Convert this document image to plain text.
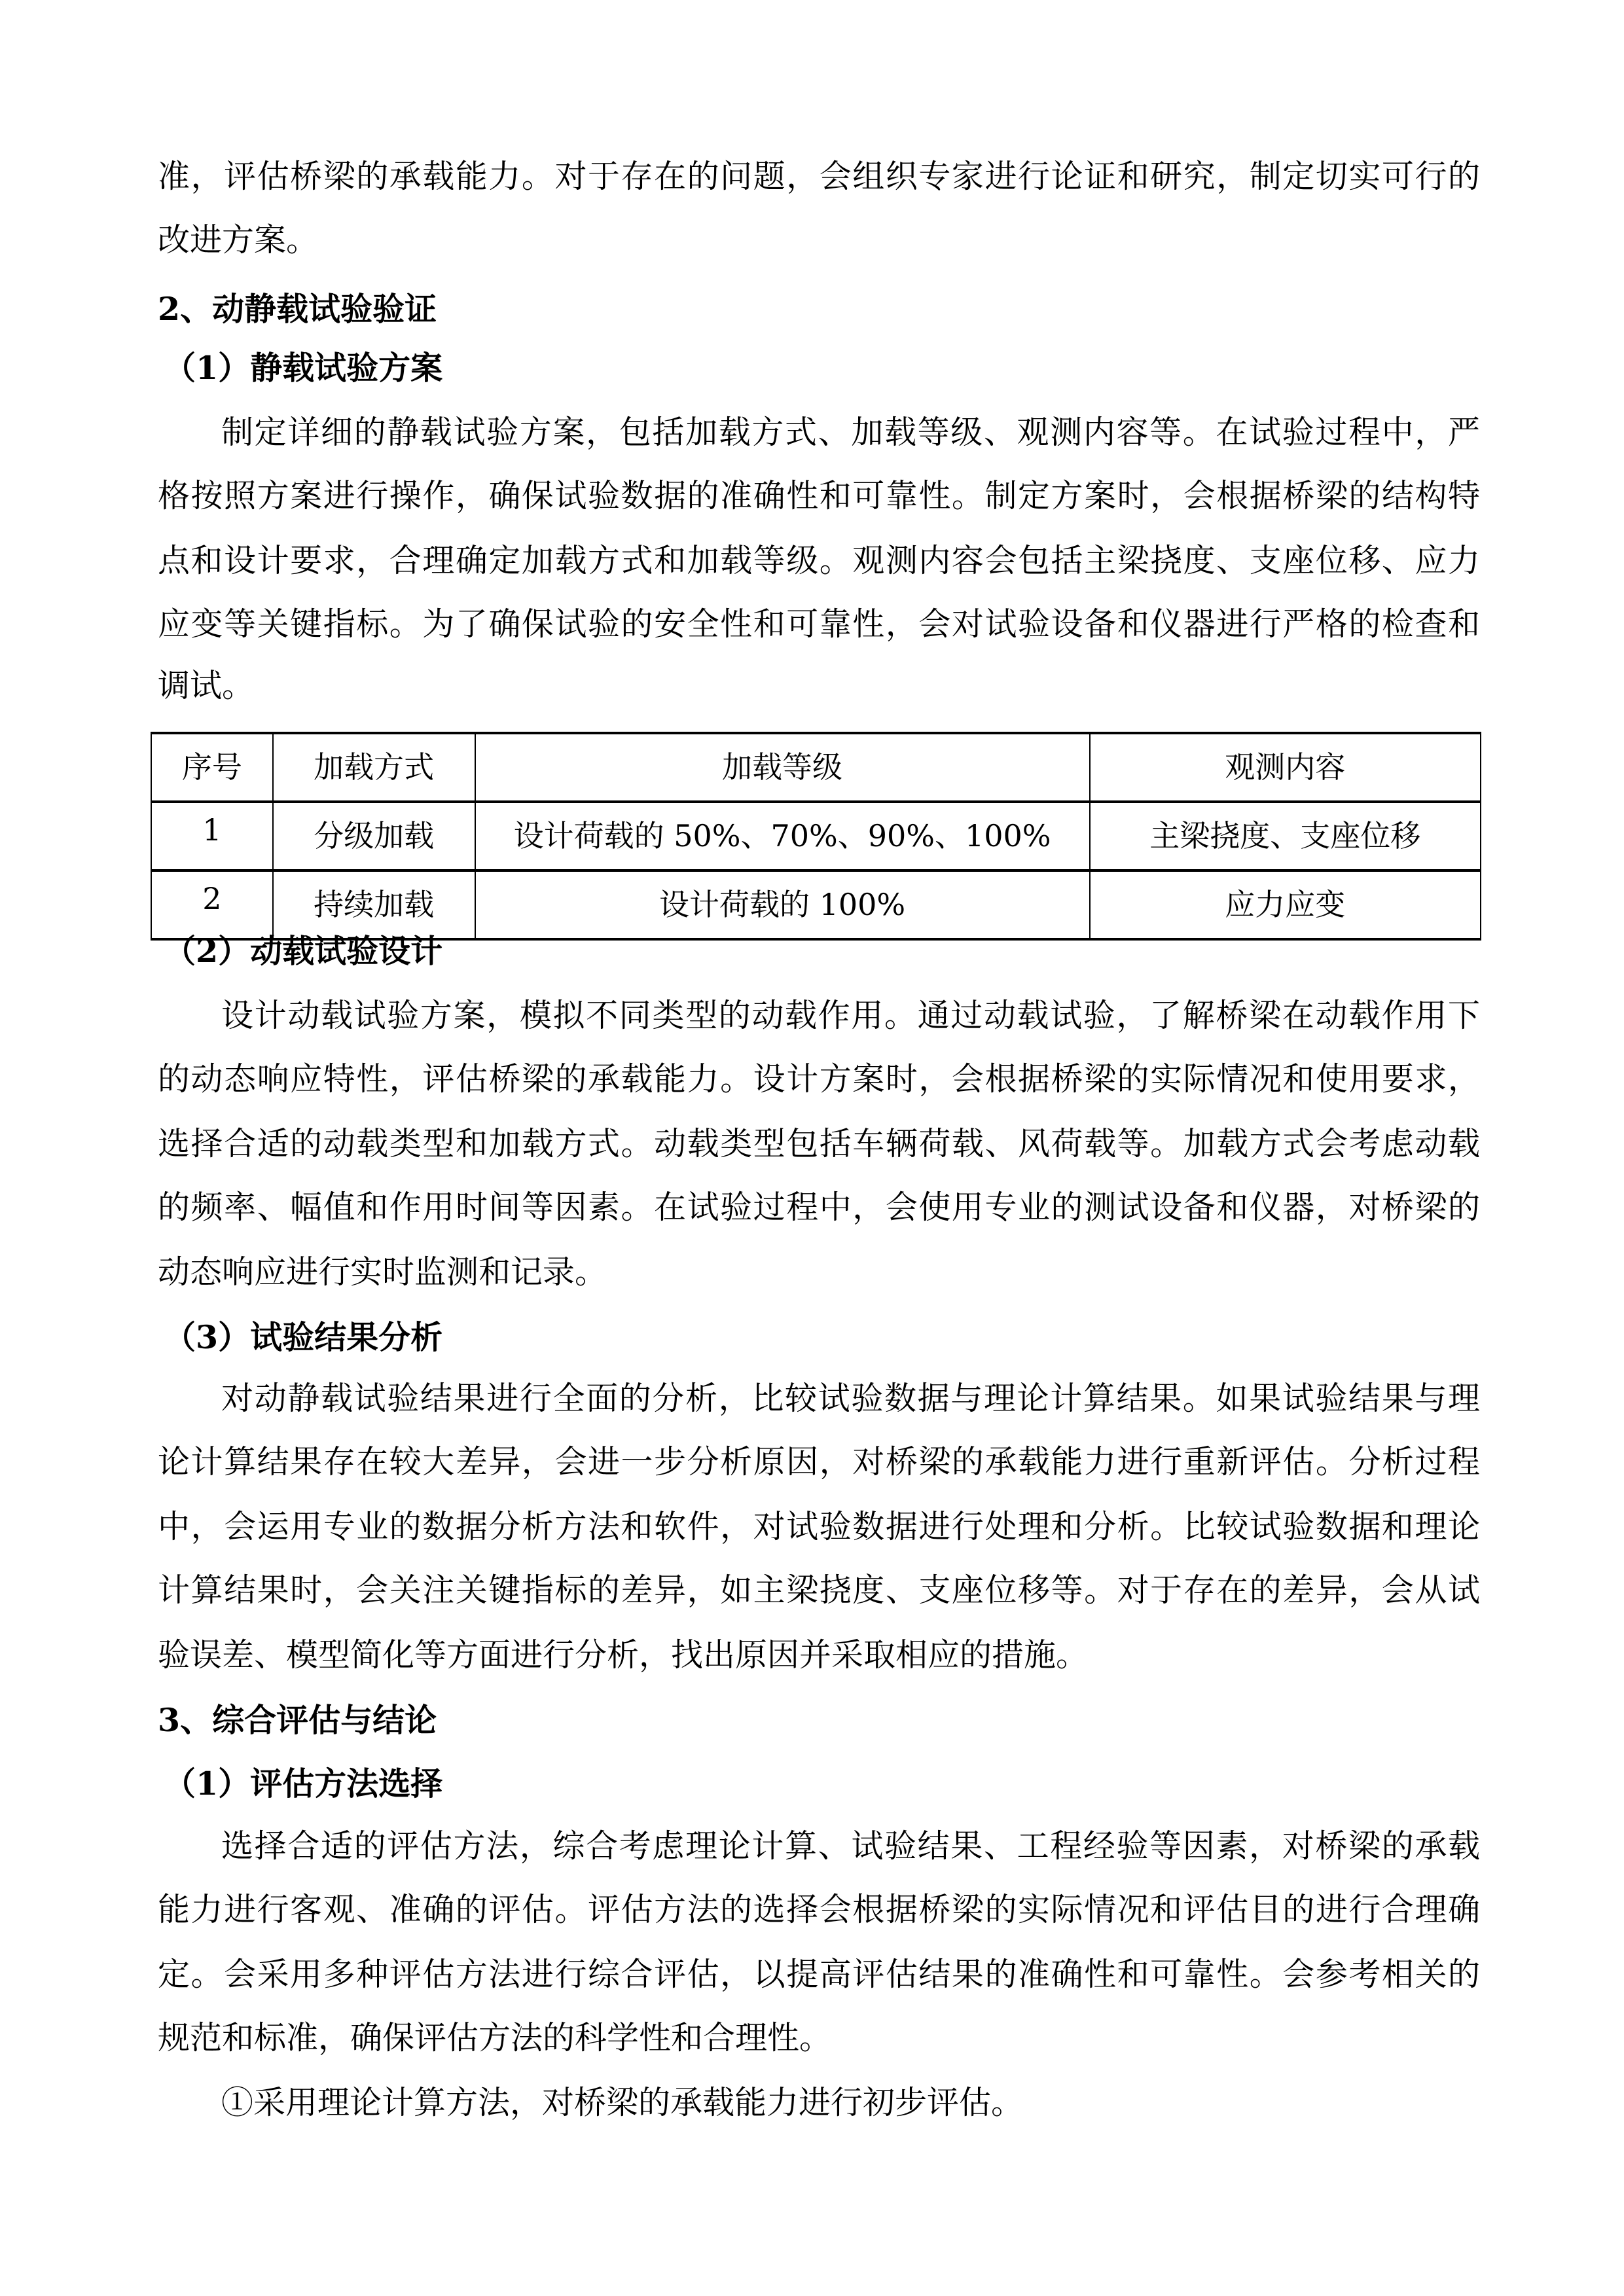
准，评估桥梁的承载能力。对于存在的问题，会组织专家进行论证和研究，制定切实可行的
改进方案。
2、动静载试验验证
（1）静载试验方案
制定详细的静载试验方案，包括加载方式、加载等级、观测内容等。在试验过程中，严
格按照方案进行操作，确保试验数据的准确性和可靠性。制定方案时，会根据桥梁的结构特
点和设计要求，合理确定加载方式和加载等级。观测内容会包括主梁挠度、支座位移、应力
应变等关键指标。为了确保试验的安全性和可靠性，会对试验设备和仪器进行严格的检查和
调试。
（2）动载试验设计
设计动载试验方案，模拟不同类型的动载作用。通过动载试验，了解桥梁在动载作用下
的动态响应特性，评估桥梁的承载能力。设计方案时，会根据桥梁的实际情况和使用要求，
选择合适的动载类型和加载方式。动载类型包括车辆荷载、风荷载等。加载方式会考虑动载
的频率、幅值和作用时间等因素。在试验过程中，会使用专业的测试设备和仪器，对桥梁的
动态响应进行实时监测和记录。
（3）试验结果分析
对动静载试验结果进行全面的分析，比较试验数据与理论计算结果。如果试验结果与理
论计算结果存在较大差异，会进一步分析原因，对桥梁的承载能力进行重新评估。分析过程
中，会运用专业的数据分析方法和软件，对试验数据进行处理和分析。比较试验数据和理论
计算结果时，会关注关键指标的差异，如主梁挠度、支座位移等。对于存在的差异，会从试
验误差、模型简化等方面进行分析，找出原因并采取相应的措施。
3、综合评估与结论
（1）评估方法选择
选择合适的评估方法，综合考虑理论计算、试验结果、工程经验等因素，对桥梁的承载
能力进行客观、准确的评估。评估方法的选择会根据桥梁的实际情况和评估目的进行合理确
定。会采用多种评估方法进行综合评估，以提高评估结果的准确性和可靠性。会参考相关的
规范和标准，确保评估方法的科学性和合理性。
①采用理论计算方法，对桥梁的承载能力进行初步评估。
序号	加载方式	加载等级	观测内容
1	分级加载	设计荷载的 50%、70%、90%、100%	主梁挠度、支座位移
2	持续加载	设计荷载的 100%	应力应变
